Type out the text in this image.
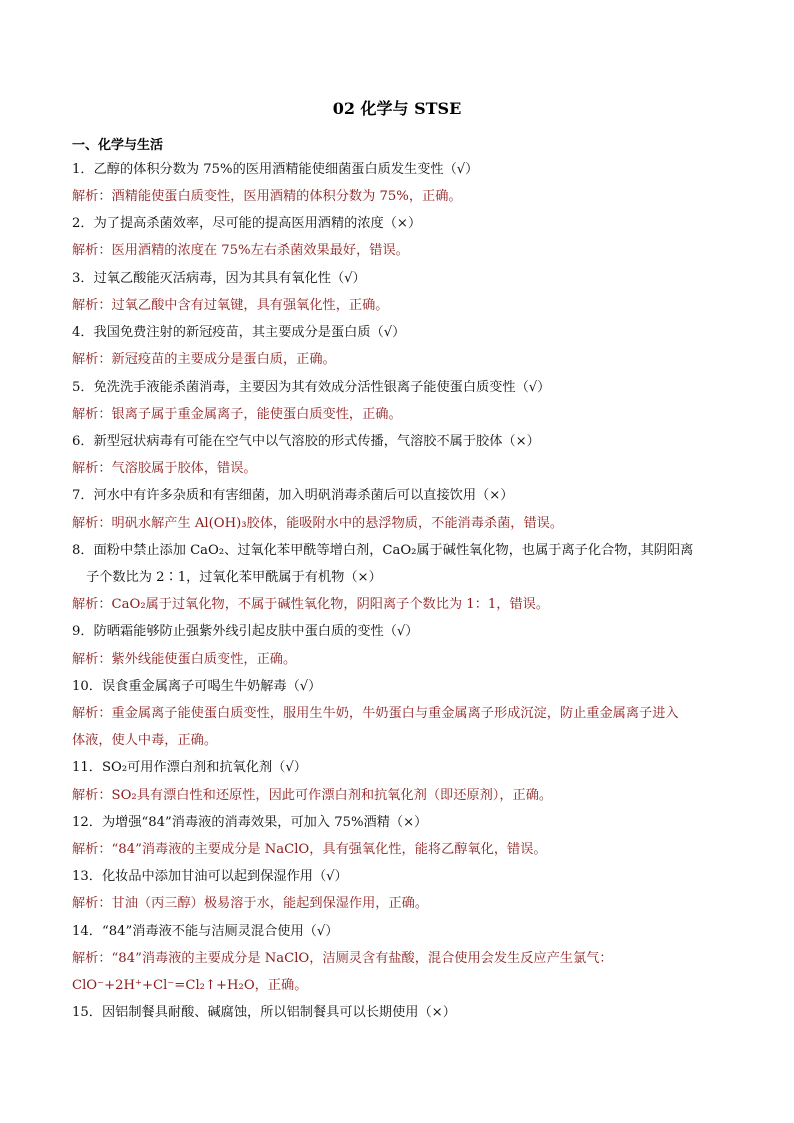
02 化学与 STSE
一、化学与生活
1．乙醇的体积分数为 75%的医用酒精能使细菌蛋白质发生变性（√）
解析：酒精能使蛋白质变性，医用酒精的体积分数为 75%，正确。
2．为了提高杀菌效率，尽可能的提高医用酒精的浓度（×）
解析：医用酒精的浓度在 75%左右杀菌效果最好，错误。
3．过氧乙酸能灭活病毒，因为其具有氧化性（√）
解析：过氧乙酸中含有过氧键，具有强氧化性，正确。
4．我国免费注射的新冠疫苗，其主要成分是蛋白质（√）
解析：新冠疫苗的主要成分是蛋白质，正确。
5．免洗洗手液能杀菌消毒，主要因为其有效成分活性银离子能使蛋白质变性（√）
解析：银离子属于重金属离子，能使蛋白质变性，正确。
6．新型冠状病毒有可能在空气中以气溶胶的形式传播，气溶胶不属于胶体（×）
解析：气溶胶属于胶体，错误。
7．河水中有许多杂质和有害细菌，加入明矾消毒杀菌后可以直接饮用（×）
解析：明矾水解产生 Al(OH)₃胶体，能吸附水中的悬浮物质，不能消毒杀菌，错误。
8．面粉中禁止添加 CaO₂、过氧化苯甲酰等增白剂，CaO₂属于碱性氧化物，也属于离子化合物，其阴阳离
子个数比为 2∶1，过氧化苯甲酰属于有机物（×）
解析：CaO₂属于过氧化物，不属于碱性氧化物，阴阳离子个数比为 1：1，错误。
9．防晒霜能够防止强紫外线引起皮肤中蛋白质的变性（√）
解析：紫外线能使蛋白质变性，正确。
10．误食重金属离子可喝生牛奶解毒（√）
解析：重金属离子能使蛋白质变性，服用生牛奶，牛奶蛋白与重金属离子形成沉淀，防止重金属离子进入
体液，使人中毒，正确。
11．SO₂可用作漂白剂和抗氧化剂（√）
解析：SO₂具有漂白性和还原性，因此可作漂白剂和抗氧化剂（即还原剂），正确。
12．为增强“84”消毒液的消毒效果，可加入 75%酒精（×）
解析：“84”消毒液的主要成分是 NaClO，具有强氧化性，能将乙醇氧化，错误。
13．化妆品中添加甘油可以起到保湿作用（√）
解析：甘油（丙三醇）极易溶于水，能起到保湿作用，正确。
14．“84”消毒液不能与洁厕灵混合使用（√）
解析：“84”消毒液的主要成分是 NaClO，洁厕灵含有盐酸，混合使用会发生反应产生氯气：
ClO⁻+2H⁺+Cl⁻=Cl₂↑+H₂O，正确。
15．因铝制餐具耐酸、碱腐蚀，所以铝制餐具可以长期使用（×）
